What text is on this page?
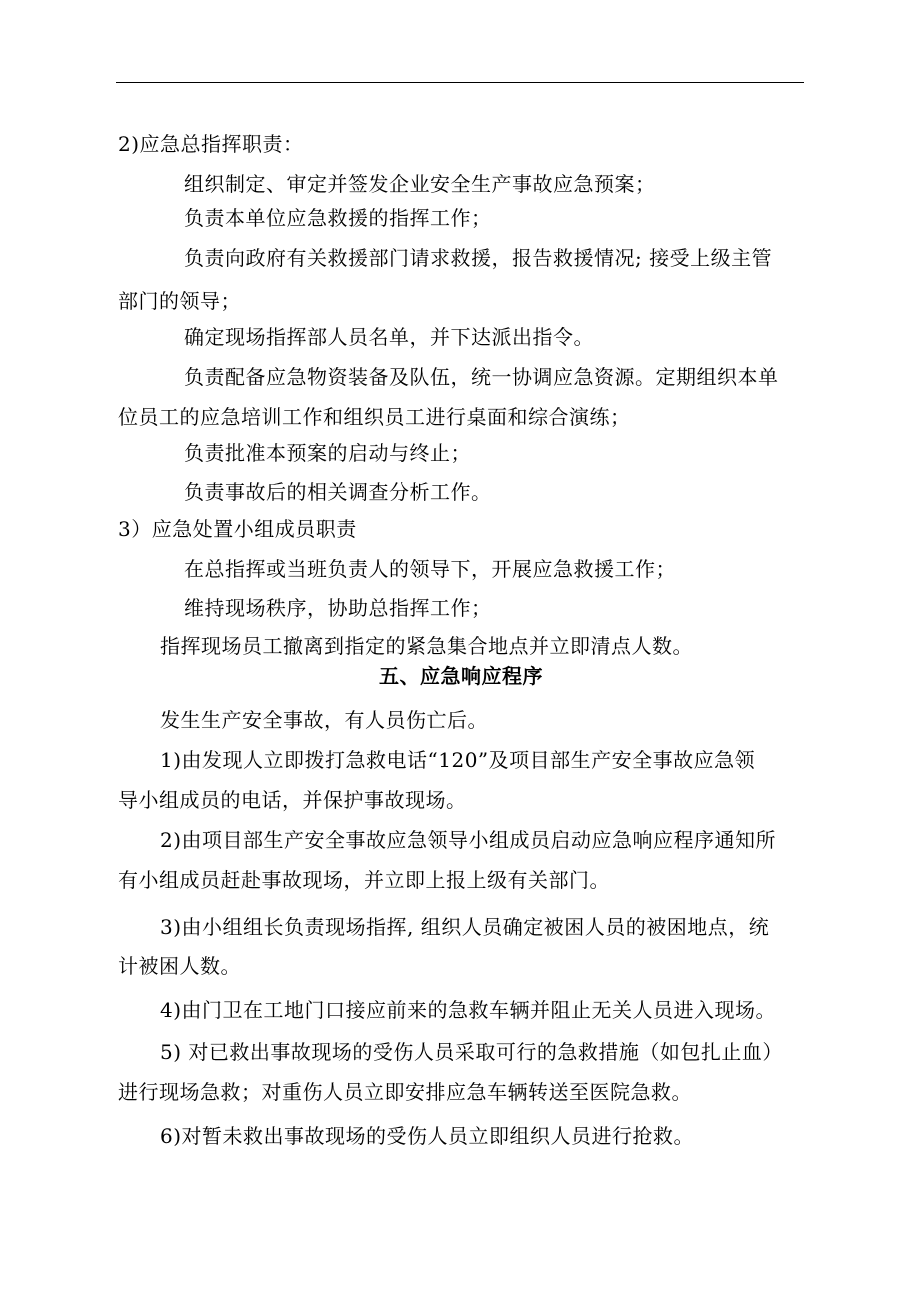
2)应急总指挥职责：
组织制定、审定并签发企业安全生产事故应急预案；
负责本单位应急救援的指挥工作；
负责向政府有关救援部门请求救援，报告救援情况; 接受上级主管
部门的领导；
确定现场指挥部人员名单，并下达派出指令。
负责配备应急物资装备及队伍，统一协调应急资源。定期组织本单
位员工的应急培训工作和组织员工进行桌面和综合演练；
负责批准本预案的启动与终止；
负责事故后的相关调查分析工作。
3）应急处置小组成员职责
在总指挥或当班负责人的领导下，开展应急救援工作；
维持现场秩序，协助总指挥工作；
指挥现场员工撤离到指定的紧急集合地点并立即清点人数。
五、应急响应程序
发生生产安全事故，有人员伤亡后。
1)由发现人立即拨打急救电话“120”及项目部生产安全事故应急领
导小组成员的电话，并保护事故现场。
2)由项目部生产安全事故应急领导小组成员启动应急响应程序通知所
有小组成员赶赴事故现场，并立即上报上级有关部门。
3)由小组组长负责现场指挥, 组织人员确定被困人员的被困地点，统
计被困人数。
4)由门卫在工地门口接应前来的急救车辆并阻止无关人员进入现场。
5) 对已救出事故现场的受伤人员采取可行的急救措施（如包扎止血）
进行现场急救；对重伤人员立即安排应急车辆转送至医院急救。
6)对暂未救出事故现场的受伤人员立即组织人员进行抢救。
